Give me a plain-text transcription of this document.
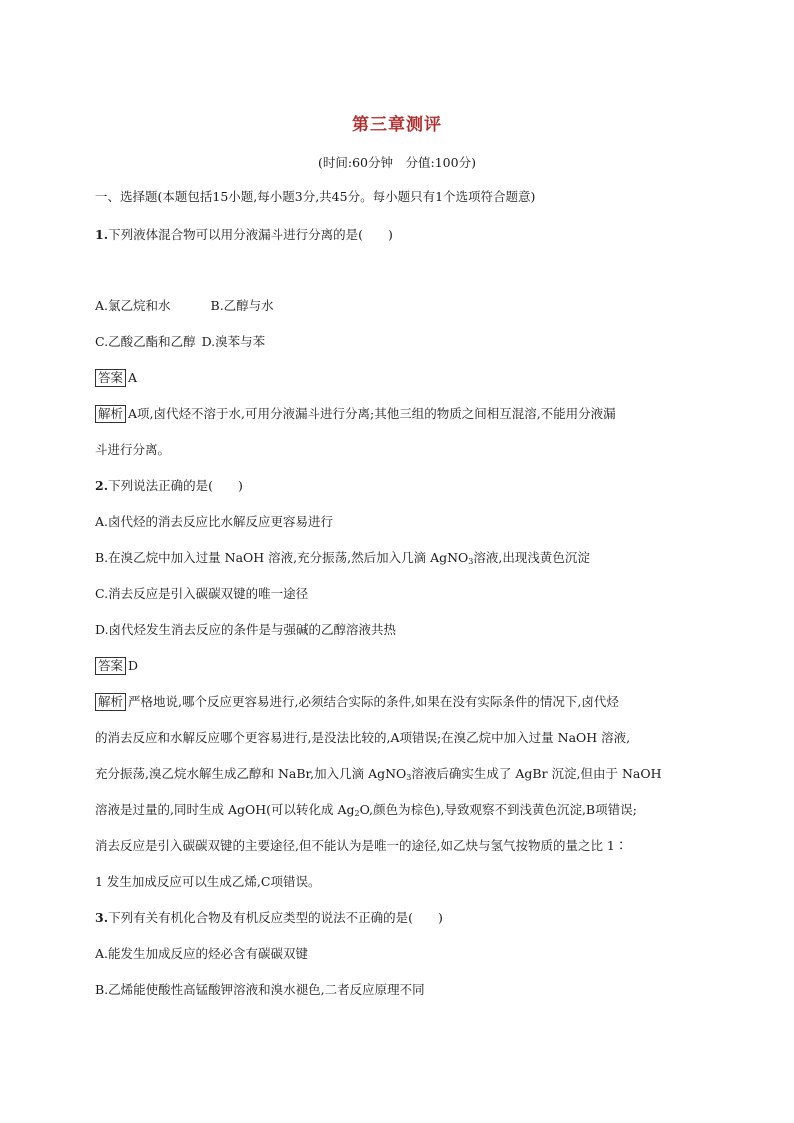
第三章测评
(时间:60分钟　分值:100分)
一、选择题(本题包括15小题,每小题3分,共45分。每小题只有1个选项符合题意)
1.下列液体混合物可以用分液漏斗进行分离的是(　　)
A.氯乙烷和水	B.乙醇与水
C.乙酸乙酯和乙醇 D.溴苯与苯
答案 A
解析 A项,卤代烃不溶于水,可用分液漏斗进行分离;其他三组的物质之间相互混溶,不能用分液漏
斗进行分离。
2.下列说法正确的是(　　)
A.卤代烃的消去反应比水解反应更容易进行
B.在溴乙烷中加入过量 NaOH 溶液,充分振荡,然后加入几滴 AgNO$_3$溶液,出现浅黄色沉淀
C.消去反应是引入碳碳双键的唯一途径
D.卤代烃发生消去反应的条件是与强碱的乙醇溶液共热
答案 D
解析 严格地说,哪个反应更容易进行,必须结合实际的条件,如果在没有实际条件的情况下,卤代烃
的消去反应和水解反应哪个更容易进行,是没法比较的,A项错误;在溴乙烷中加入过量 NaOH 溶液,
充分振荡,溴乙烷水解生成乙醇和 NaBr,加入几滴 AgNO$_3$溶液后确实生成了 AgBr 沉淀,但由于 NaOH
溶液是过量的,同时生成 AgOH(可以转化成 $Ag_2O$,颜色为棕色),导致观察不到浅黄色沉淀,B项错误;
消去反应是引入碳碳双键的主要途径,但不能认为是唯一的途径,如乙炔与氢气按物质的量之比 1∶
1 发生加成反应可以生成乙烯,C项错误。
3.下列有关有机化合物及有机反应类型的说法不正确的是(　　)
A.能发生加成反应的烃必含有碳碳双键
B.乙烯能使酸性高锰酸钾溶液和溴水褪色,二者反应原理不同
